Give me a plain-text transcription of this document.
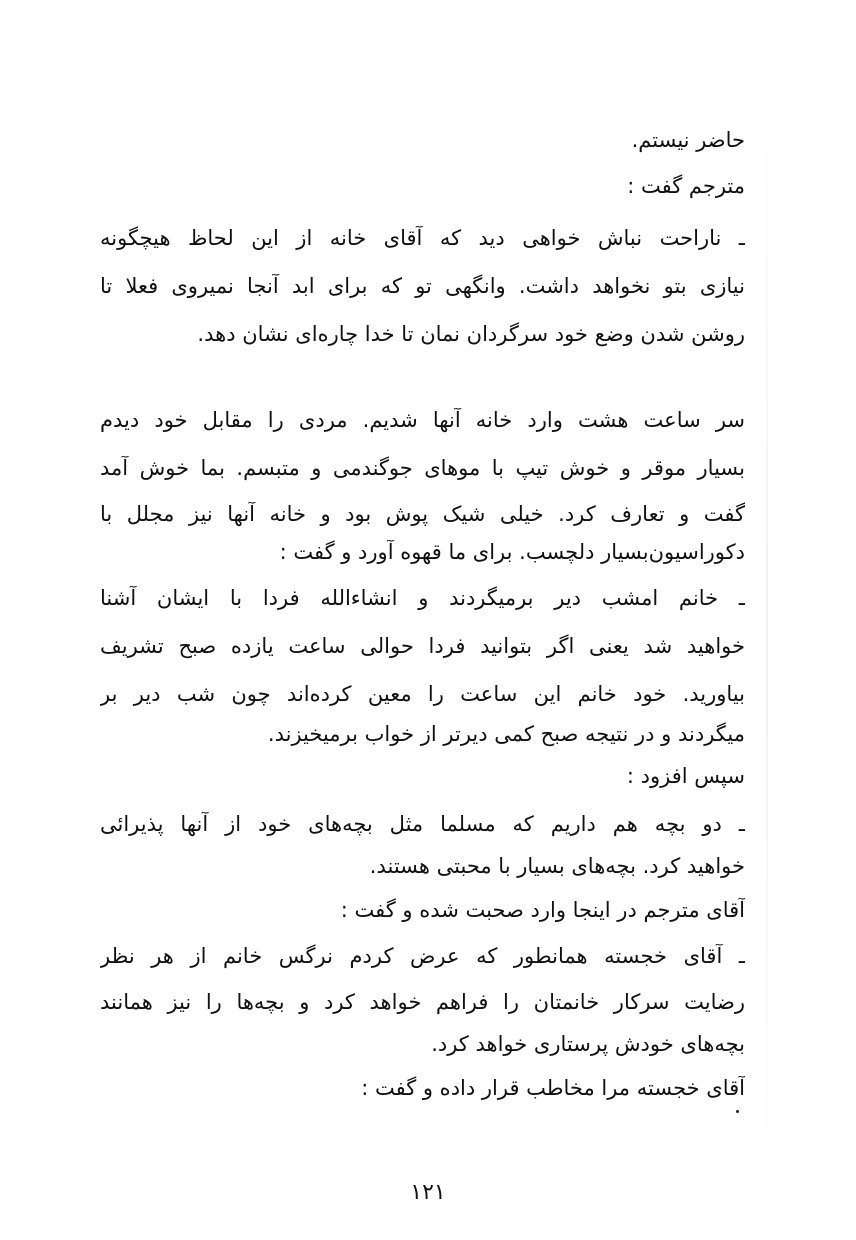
حاضر نیستم.
مترجم گفت :
ـ ناراحت نباش خواهی دید که آقای خانه از این لحاظ هیچگونه
نیازی بتو نخواهد داشت. وانگهی تو که برای ابد آنجا نمیروی فعلا تا
روشن شدن وضع خود سرگردان نمان تا خدا چاره‌ای نشان دهد.
سر ساعت هشت وارد خانه آنها شدیم. مردی را مقابل خود دیدم
بسیار موقر و خوش تیپ با موهای جوگندمی و متبسم. بما خوش آمد
گفت و تعارف کرد. خیلی شیک پوش بود و خانه آنها نیز مجلل با
دکوراسیون‌بسیار دلچسب. برای ما قهوه آورد و گفت :
ـ خانم امشب دیر برمیگردند و انشاءالله فردا با ایشان آشنا
خواهید شد یعنی اگر بتوانید فردا حوالی ساعت یازده صبح تشریف
بیاورید. خود خانم این ساعت را معین کرده‌اند چون شب دیر بر
میگردند و در نتیجه صبح کمی دیرتر از خواب برمیخیزند.
سپس افزود :
ـ دو بچه هم داریم که مسلما مثل بچه‌های خود از آنها پذیرائی
خواهید کرد. بچه‌های بسیار با محبتی هستند.
آقای مترجم در اینجا وارد صحبت شده و گفت :
ـ آقای خجسته همانطور که عرض کردم نرگس خانم از هر نظر
رضایت سرکار خانمتان را فراهم خواهد کرد و بچه‌ها را نیز همانند
بچه‌های خودش پرستاری خواهد کرد.
آقای خجسته مرا مخاطب قرار داده و گفت :
۱۲۱
